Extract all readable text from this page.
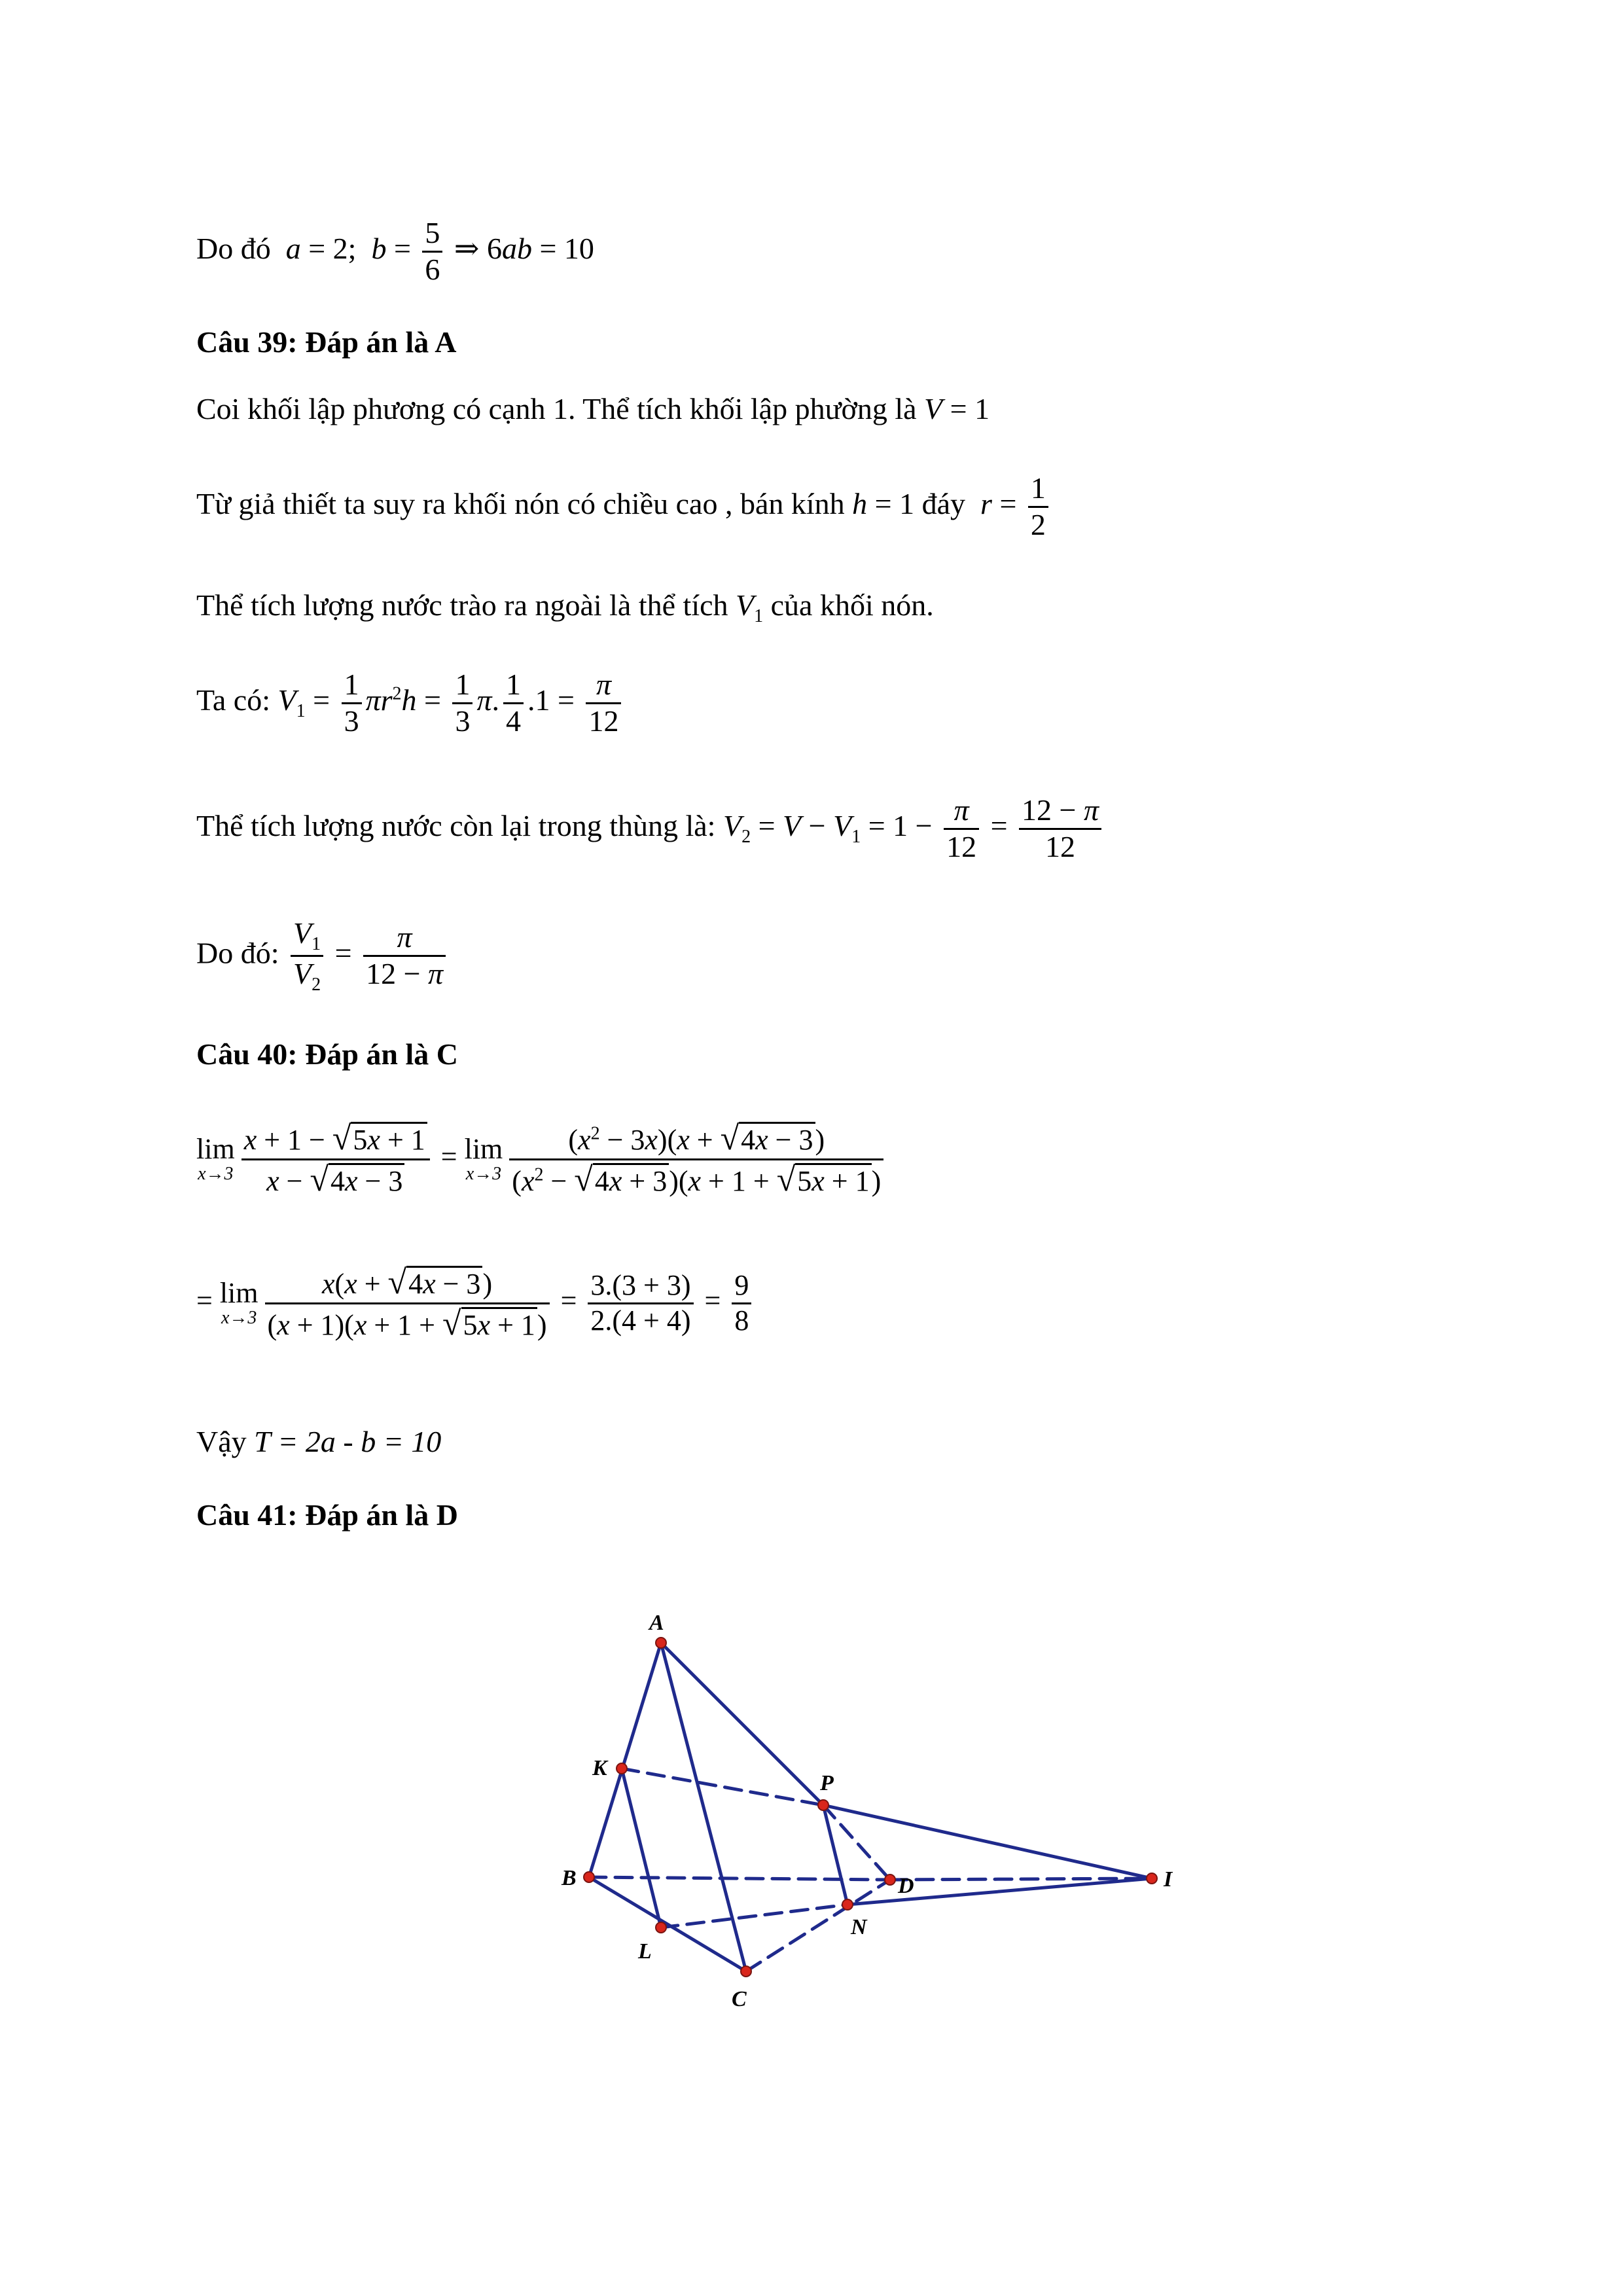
Do đó a = 2;  $b = \frac{5}{6}$ ⇒ 6ab = 10
Câu 39: Đáp án là A
Coi khối lập phương có cạnh 1. Thể tích khối lập phường là V = 1
Từ giả thiết ta suy ra khối nón có chiều cao , bán kính h = 1 đáy $r = \frac{1}{2}$
Thể tích lượng nước trào ra ngoài là thể tích $V_1$ của khối nón.
Ta có: $V_1 = \frac{1}{3} \pi r^2h = \frac{1}{3} \pi$. $\frac{1}{4} .1 = \frac{\pi}{12}$
Thể tích lượng nước còn lại trong thùng là: $V_2 = V - V_1 = 1 - \frac{\pi}{12} = \frac{12 - \pi}{12}$
Do đó: $\frac{V_1}{V_2} = \frac{\pi}{12 - \pi}$
Câu 40: Đáp án là C
lim
$x\to 3 \frac{x + 1 - √5x + 1}{x - √4x - 3} = \lim$
$x\to 3 \frac{(x^2 - 3x)(x + √4x - 3)}{(x^2 - √4x + 3)(x + 1 + √5x + 1)}$
= lim
$x\to 3 \frac{x(x + √4x - 3)}{(x + 1)(x + 1 + √5x + 1)} = \frac{3.(3 + 3)}{2.(4 + 4)} = \frac{9}{8}$
Vậy T = 2a - b = 10
Câu 41: Đáp án là D
A
K
P
B	D	I
L
N
C
